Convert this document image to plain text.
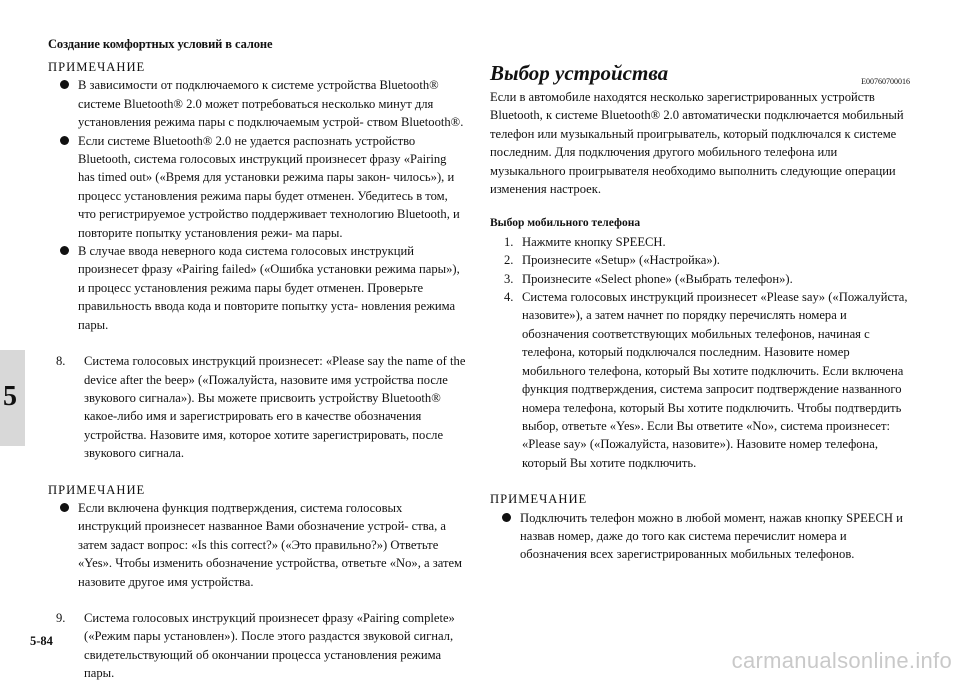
Создание комфортных условий в салоне
5

ПРИМЕЧАНИЕ

В зависимости от подключаемого к системе устройства Bluetooth® системе Bluetooth® 2.0 может потребоваться несколько минут для установления режима пары с подключаемым устрой- ством Bluetooth®.

Если системе Bluetooth® 2.0 не удается распознать устройство Bluetooth, система голосовых инструкций произнесет фразу «Pairing has timed out» («Время для установки режима пары закон- чилось»), и процесс установления режима пары будет отменен. Убедитесь в том, что регистрируемое устройство поддерживает технологию Bluetooth, и повторите попытку установления режи- ма пары.

В случае ввода неверного кода система голосовых инструкций произнесет фразу «Pairing failed» («Ошибка установки режима пары»), и процесс установления режима пары будет отменен. Проверьте правильность ввода кода и повторите попытку уста- новления режима пары.

8. Система голосовых инструкций произнесет: «Please say the name of the device after the beep» («Пожалуйста, назовите имя устройства после звукового сигнала»). Вы можете присвоить устройству Bluetooth® какое-либо имя и зарегистрировать его в качестве обозначения устройства. Назовите имя, которое хотите зарегистрировать, после звукового сигнала.

ПРИМЕЧАНИЕ

Если включена функция подтверждения, система голосовых инструкций произнесет названное Вами обозначение устрой- ства, а затем задаст вопрос: «Is this correct?» («Это правильно?») Ответьте «Yes». Чтобы изменить обозначение устройства, ответьте «No», а затем назовите другое имя устройства.

9. Система голосовых инструкций произнесет фразу «Pairing complete» («Режим пары установлен»). После этого раздастся звуковой сигнал, свидетельствующий об окончании процесса установления режима пары.

Выбор устройства	E00760700016

Если в автомобиле находятся несколько зарегистрированных устройств Bluetooth, к системе Bluetooth® 2.0 автоматически подключается мобильный телефон или музыкальный проигрыватель, который подключался к системе последним. Для подключения другого мобильного телефона или музыкального проигрывателя необходимо выполнить следующие операции изменения настроек.

Выбор мобильного телефона

1. Нажмите кнопку SPEECH.

2. Произнесите «Setup» («Настройка»).

3. Произнесите «Select phone» («Выбрать телефон»).

4. Система голосовых инструкций произнесет «Please say» («Пожалуйста, назовите»), а затем начнет по порядку перечислять номера и обозначения соответствующих мобильных телефонов, начиная с телефона, который подключался последним. Назовите номер мобильного телефона, который Вы хотите подключить. Если включена функция подтверждения, система запросит подтверждение названного номера телефона, который Вы хотите подключить. Чтобы подтвердить выбор, ответьте «Yes». Если Вы ответите «No», система произнесет: «Please say» («Пожалуйста, назовите»). Назовите номер телефона, который Вы хотите подключить.

ПРИМЕЧАНИЕ

Подключить телефон можно в любой момент, нажав кнопку SPEECH и назвав номер, даже до того как система перечислит номера и обозначения всех зарегистрированных мобильных телефонов.

5-84
carmanualsonline.info
